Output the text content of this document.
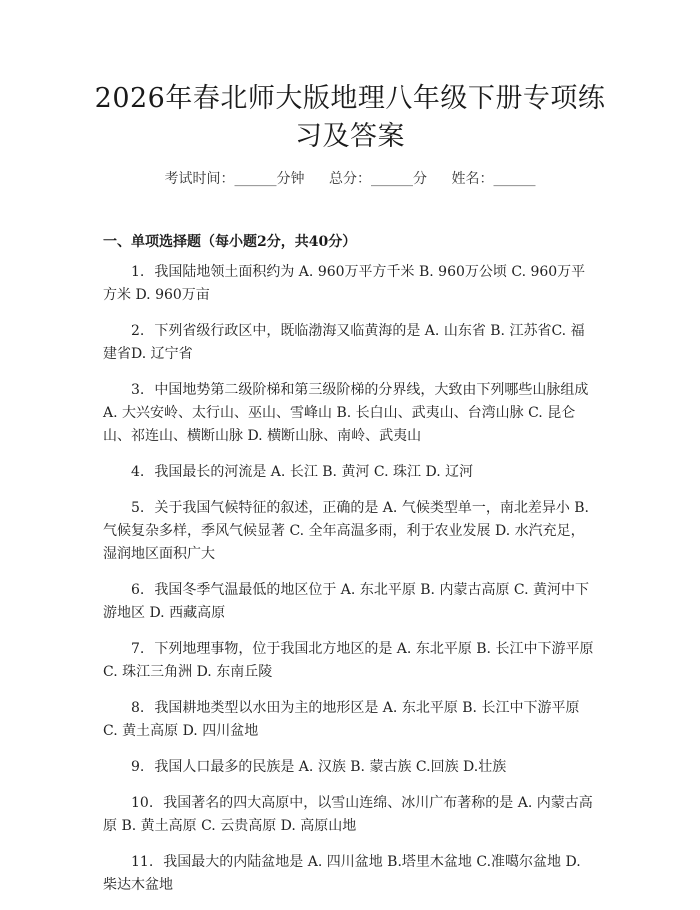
2026年春北师大版地理八年级下册专项练习及答案
考试时间：______分钟 总分：______分 姓名：______
一、单项选择题（每小题2分，共40分）
1. 我国陆地领土面积约为 A. 960万平方千米 B. 960万公顷 C. 960万平方米 D. 960万亩
2. 下列省级行政区中，既临渤海又临黄海的是 A. 山东省 B. 江苏省C. 福建省D. 辽宁省
3. 中国地势第二级阶梯和第三级阶梯的分界线，大致由下列哪些山脉组成 A. 大兴安岭、太行山、巫山、雪峰山 B. 长白山、武夷山、台湾山脉 C. 昆仑山、祁连山、横断山脉 D. 横断山脉、南岭、武夷山
4. 我国最长的河流是 A. 长江 B. 黄河 C. 珠江 D. 辽河
5. 关于我国气候特征的叙述，正确的是 A. 气候类型单一，南北差异小 B. 气候复杂多样，季风气候显著 C. 全年高温多雨，利于农业发展 D. 水汽充足，湿润地区面积广大
6. 我国冬季气温最低的地区位于 A. 东北平原 B. 内蒙古高原 C. 黄河中下游地区 D. 西藏高原
7. 下列地理事物，位于我国北方地区的是 A. 东北平原 B. 长江中下游平原 C. 珠江三角洲 D. 东南丘陵
8. 我国耕地类型以水田为主的地形区是 A. 东北平原 B. 长江中下游平原 C. 黄土高原 D. 四川盆地
9. 我国人口最多的民族是 A. 汉族 B. 蒙古族 C.回族 D.壮族
10. 我国著名的四大高原中，以雪山连绵、冰川广布著称的是 A. 内蒙古高原 B. 黄土高原 C. 云贵高原 D. 高原山地
11. 我国最大的内陆盆地是 A. 四川盆地 B.塔里木盆地 C.准噶尔盆地 D. 柴达木盆地
